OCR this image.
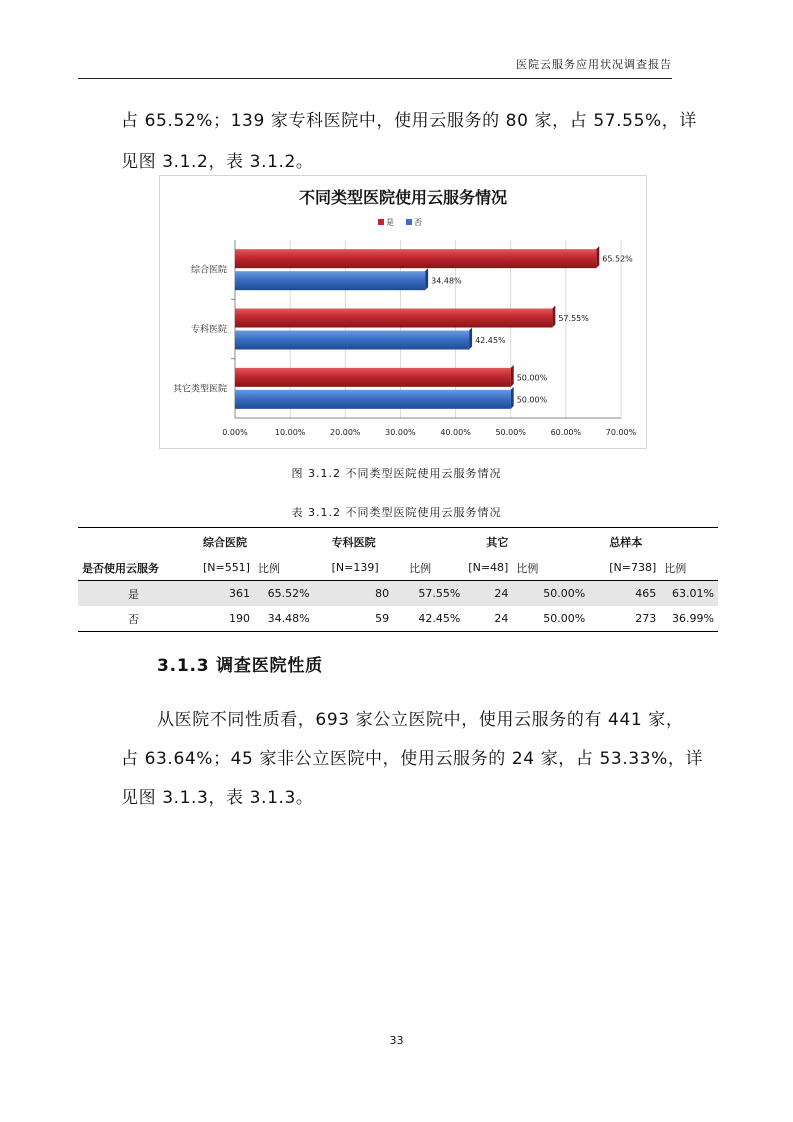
医院云服务应用状况调查报告
占 65.52%；139 家专科医院中，使用云服务的 80 家，占 57.55%，详
见图 3.1.2，表 3.1.2。
不同类型医院使用云服务情况
是	否
0.00%	10.00%	20.00%	30.00%	40.00%	50.00%	60.00%	70.00%
综合医院
65.52%
34.48%
专科医院
57.55%
42.45%
其它类型医院
50.00%
50.00%
图 3.1.2 不同类型医院使用云服务情况
表 3.1.2 不同类型医院使用云服务情况
	综合医院		专科医院		其它		总样本	
是否使用云服务	[N=551]	比例	[N=139]	比例	[N=48]	比例	[N=738]	比例
是	361	65.52%	80	57.55%	24	50.00%	465	63.01%
否	190	34.48%	59	42.45%	24	50.00%	273	36.99%
3.1.3 调查医院性质
从医院不同性质看，693 家公立医院中，使用云服务的有 441 家，
占 63.64%；45 家非公立医院中，使用云服务的 24 家，占 53.33%，详
见图 3.1.3，表 3.1.3。
33
